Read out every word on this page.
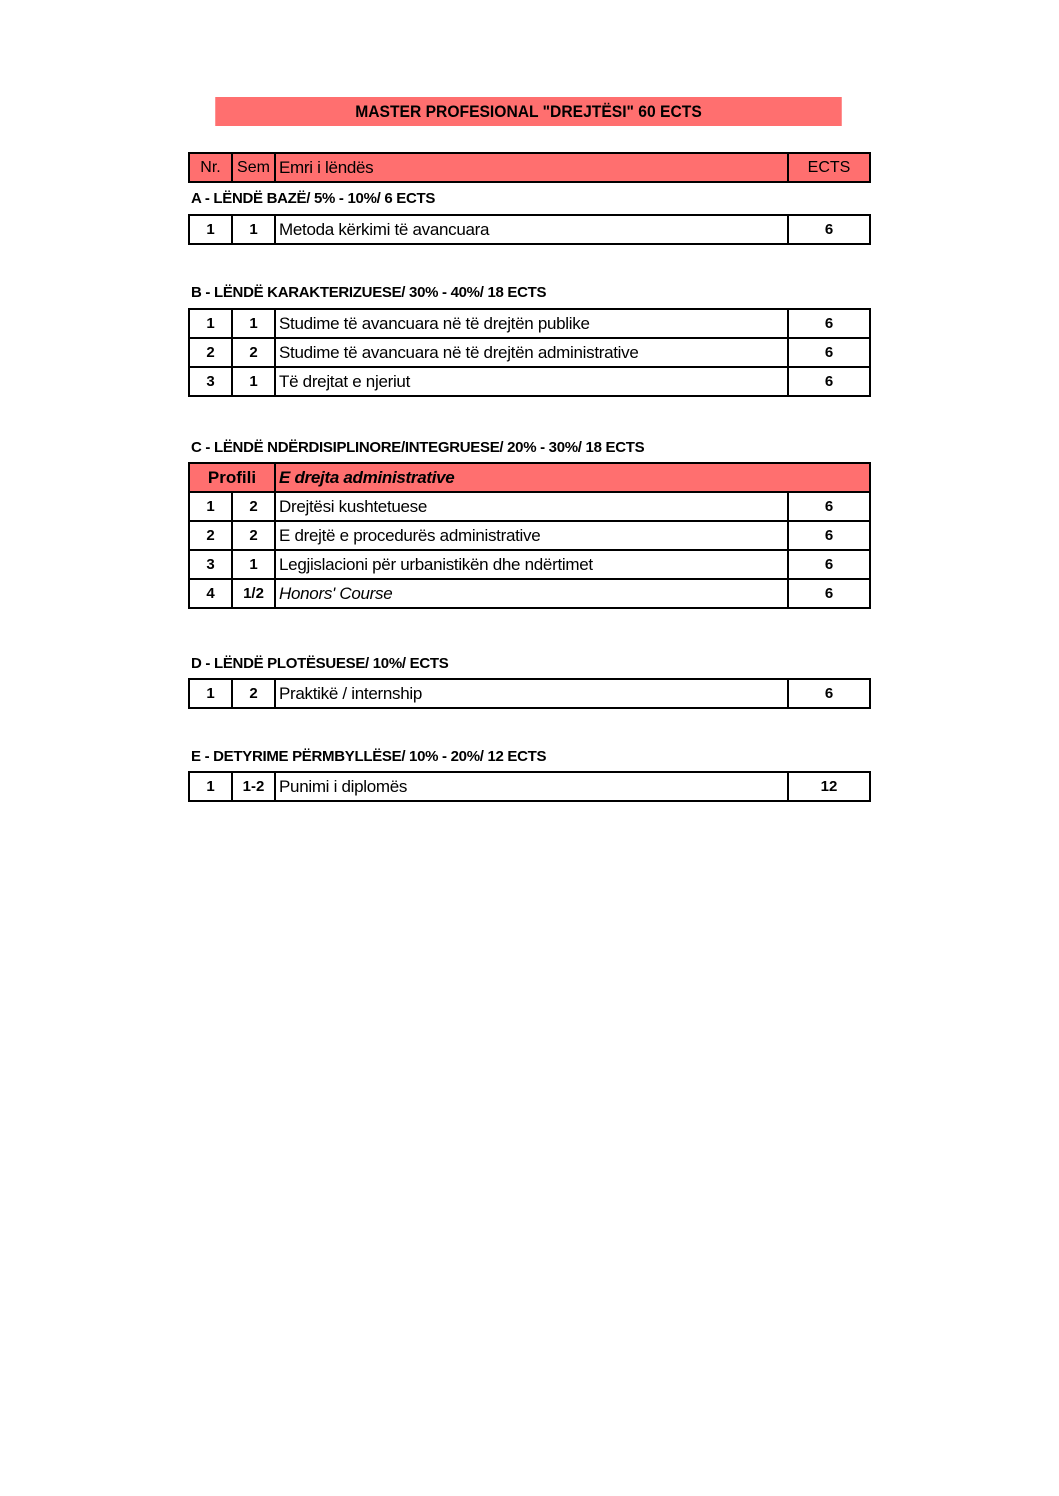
MASTER PROFESIONAL "DREJTËSI" 60 ECTS
Nr.	Sem	Emri i lëndës	ECTS
A - LËNDË BAZË/ 5% - 10%/ 6 ECTS
1	1	Metoda kërkimi të avancuara	6
B - LËNDË KARAKTERIZUESE/ 30% - 40%/ 18 ECTS
1	1	Studime të avancuara në të drejtën publike	6
2	2	Studime të avancuara në të drejtën administrative	6
3	1	Të drejtat e njeriut	6
C - LËNDË NDËRDISIPLINORE/INTEGRUESE/ 20% - 30%/ 18 ECTS
Profili		E drejta administrative	
1	2	Drejtësi kushtetuese	6
2	2	E drejtë e procedurës administrative	6
3	1	Legjislacioni për urbanistikën dhe ndërtimet	6
4	1/2	Honors' Course	6
D - LËNDË PLOTËSUESE/ 10%/ ECTS
1	2	Praktikë / internship	6
E - DETYRIME PËRMBYLLËSE/ 10% - 20%/ 12 ECTS
1	1-2	Punimi i diplomës	12
